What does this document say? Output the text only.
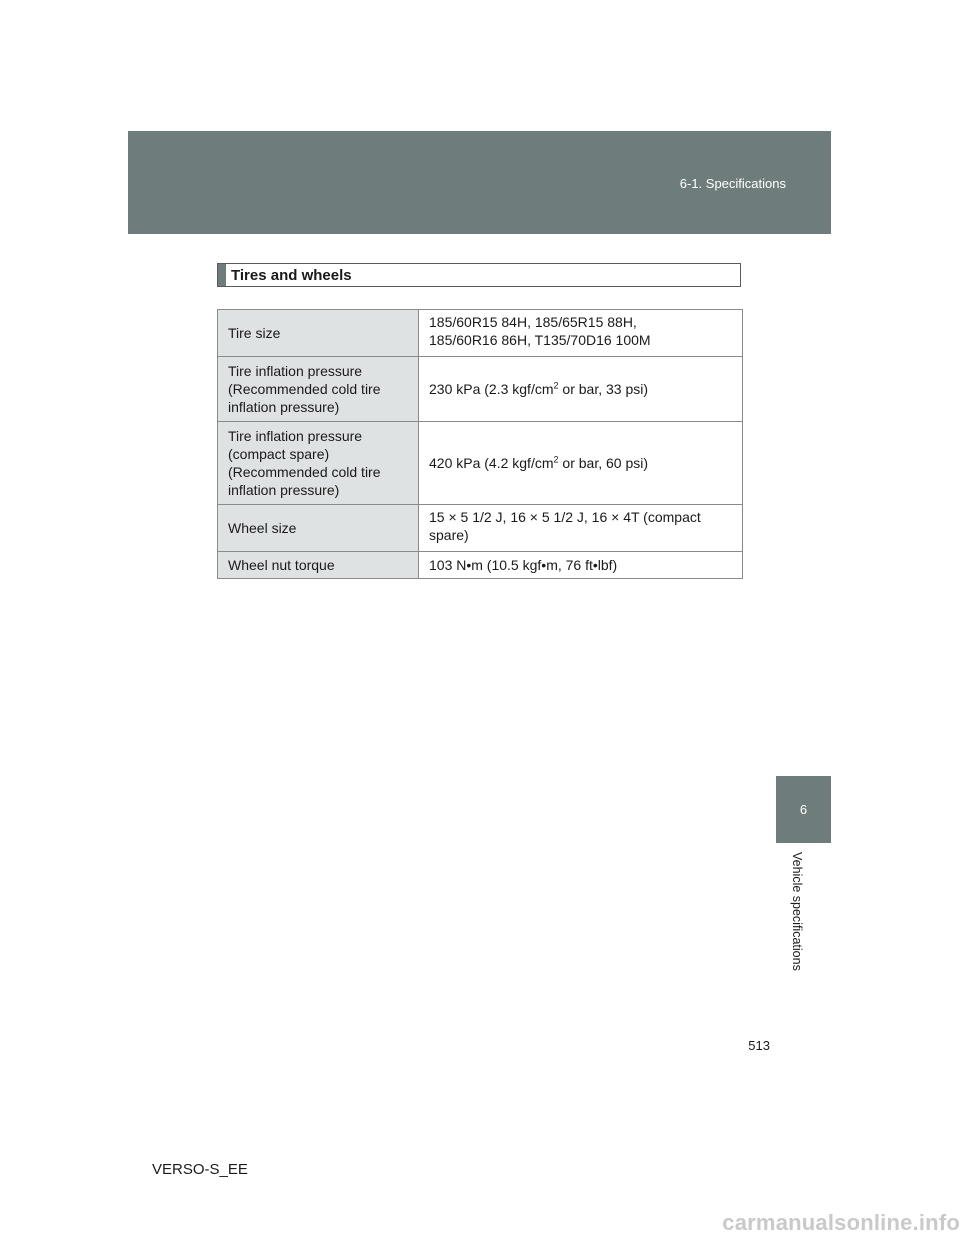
6-1. Specifications
6
Vehicle specifications
Tires and wheels
Tire size	185/60R15 84H, 185/65R15 88H,
185/60R16 86H, T135/70D16 100M

Tire inflation pressure
(Recommended cold tire
inflation pressure)	230 kPa (2.3 kgf/$cm^2$ or bar, 33 psi)

Tire inflation pressure
(compact spare)
(Recommended cold tire
inflation pressure)	420 kPa (4.2 kgf/$cm^2$ or bar, 60 psi)

Wheel size	15 × 5 1/2 J, 16 × 5 1/2 J, 16 × 4T (compact
spare)

Wheel nut torque	103 N•m (10.5 kgf•m, 76 ft•lbf)
513
VERSO-S_EE
carmanualsonline.info
